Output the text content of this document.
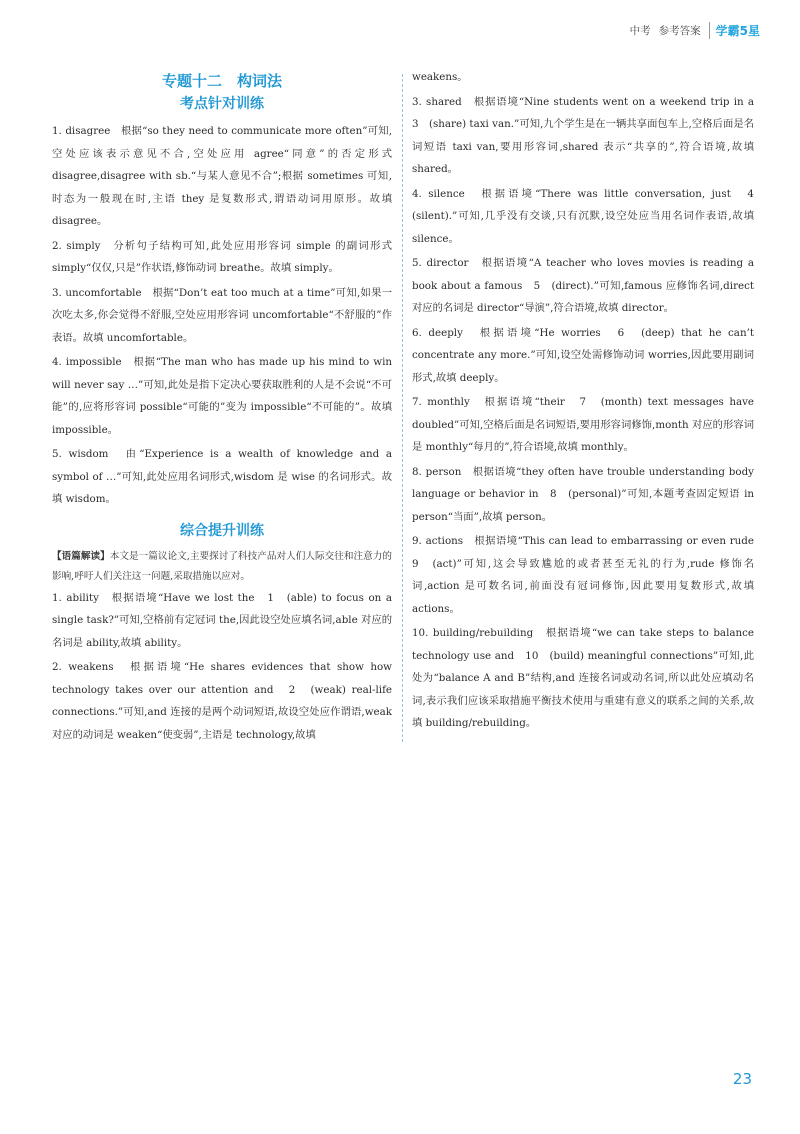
中考 参考答案 学霸5星
专题十二　构词法
考点针对训练
1. disagree　根据“so they need to communicate more often”可知,空处应该表示意见不合,空处应用 agree“同意”的否定形式 disagree,disagree with sb.“与某人意见不合”;根据 sometimes 可知,时态为一般现在时,主语 they 是复数形式,谓语动词用原形。故填 disagree。
2. simply　分析句子结构可知,此处应用形容词 simple 的副词形式 simply“仅仅,只是”作状语,修饰动词 breathe。故填 simply。
3. uncomfortable　根据“Don’t eat too much at a time”可知,如果一次吃太多,你会觉得不舒服,空处应用形容词 uncomfortable“不舒服的”作表语。故填 uncomfortable。
4. impossible　根据“The man who has made up his mind to win will never say …”可知,此处是指下定决心要获取胜利的人是不会说“不可能”的,应将形容词 possible“可能的”变为 impossible“不可能的”。故填 impossible。
5. wisdom　由“Experience is a wealth of knowledge and a symbol of …”可知,此处应用名词形式,wisdom 是 wise 的名词形式。故填 wisdom。
综合提升训练
【语篇解读】本文是一篇议论文,主要探讨了科技产品对人们人际交往和注意力的影响,呼吁人们关注这一问题,采取措施以应对。
1. ability　根据语境“Have we lost the　1　(able) to focus on a single task?”可知,空格前有定冠词 the,因此设空处应填名词,able 对应的名词是 ability,故填 ability。
2. weakens　根据语境“He shares evidences that show how technology takes over our attention and　2　(weak) real-life connections.”可知,and 连接的是两个动词短语,故设空处应作谓语,weak 对应的动词是 weaken“使变弱”,主语是 technology,故填
weakens。
3. shared　根据语境“Nine students went on a weekend trip in a　3　(share) taxi van.”可知,九个学生是在一辆共享面包车上,空格后面是名词短语 taxi van,要用形容词,shared 表示“共享的”,符合语境,故填 shared。
4. silence　根据语境“There was little conversation, just　4　(silent).”可知,几乎没有交谈,只有沉默,设空处应当用名词作表语,故填 silence。
5. director　根据语境“A teacher who loves movies is reading a book about a famous　5　(direct).”可知,famous 应修饰名词,direct 对应的名词是 director“导演”,符合语境,故填 director。
6. deeply　根据语境“He worries　6　(deep) that he can’t concentrate any more.”可知,设空处需修饰动词 worries,因此要用副词形式,故填 deeply。
7. monthly　根据语境“their　7　(month) text messages have doubled”可知,空格后面是名词短语,要用形容词修饰,month 对应的形容词是 monthly“每月的”,符合语境,故填 monthly。
8. person　根据语境“they often have trouble understanding body language or behavior in　8　(personal)”可知,本题考查固定短语 in person“当面”,故填 person。
9. actions　根据语境“This can lead to embarrassing or even rude　9　(act)”可知,这会导致尴尬的或者甚至无礼的行为,rude 修饰名词,action 是可数名词,前面没有冠词修饰,因此要用复数形式,故填 actions。
10. building/rebuilding　根据语境“we can take steps to balance technology use and　10　(build) meaningful connections”可知,此处为“balance A and B”结构,and 连接名词或动名词,所以此处应填动名词,表示我们应该采取措施平衡技术使用与重建有意义的联系之间的关系,故填 building/rebuilding。
23
